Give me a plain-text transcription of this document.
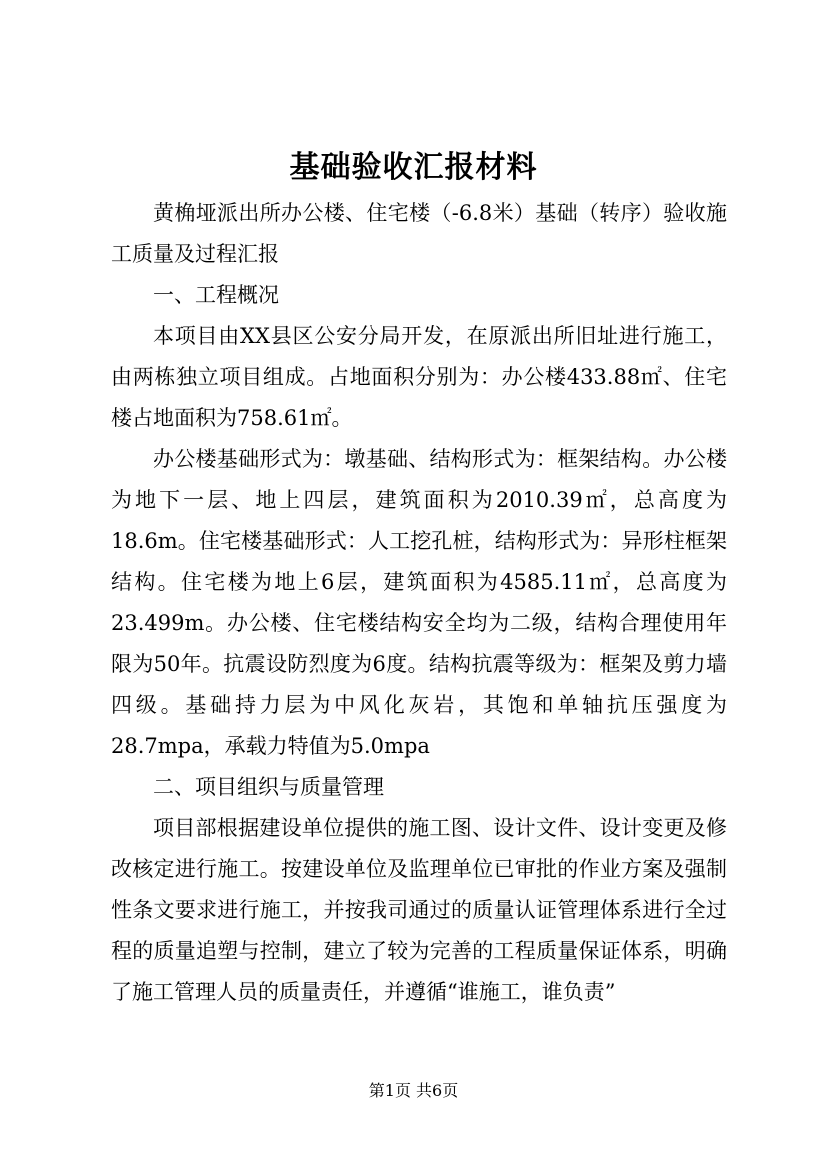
基础验收汇报材料

黄桷垭派出所办公楼、住宅楼（-6.8米）基础（转序）验收施工质量及过程汇报

一、工程概况

本项目由XX县区公安分局开发，在原派出所旧址进行施工，由两栋独立项目组成。占地面积分别为：办公楼433.88㎡、住宅楼占地面积为758.61㎡。

办公楼基础形式为：墩基础、结构形式为：框架结构。办公楼为地下一层、地上四层，建筑面积为2010.39㎡，总高度为18.6m。住宅楼基础形式：人工挖孔桩，结构形式为：异形柱框架结构。住宅楼为地上6层，建筑面积为4585.11㎡，总高度为23.499m。办公楼、住宅楼结构安全均为二级，结构合理使用年限为50年。抗震设防烈度为6度。结构抗震等级为：框架及剪力墙四级。基础持力层为中风化灰岩，其饱和单轴抗压强度为28.7mpa，承载力特值为5.0mpa

二、项目组织与质量管理

项目部根据建设单位提供的施工图、设计文件、设计变更及修改核定进行施工。按建设单位及监理单位已审批的作业方案及强制性条文要求进行施工，并按我司通过的质量认证管理体系进行全过程的质量追塑与控制，建立了较为完善的工程质量保证体系，明确了施工管理人员的质量责任，并遵循“谁施工，谁负责”

第1页 共6页
